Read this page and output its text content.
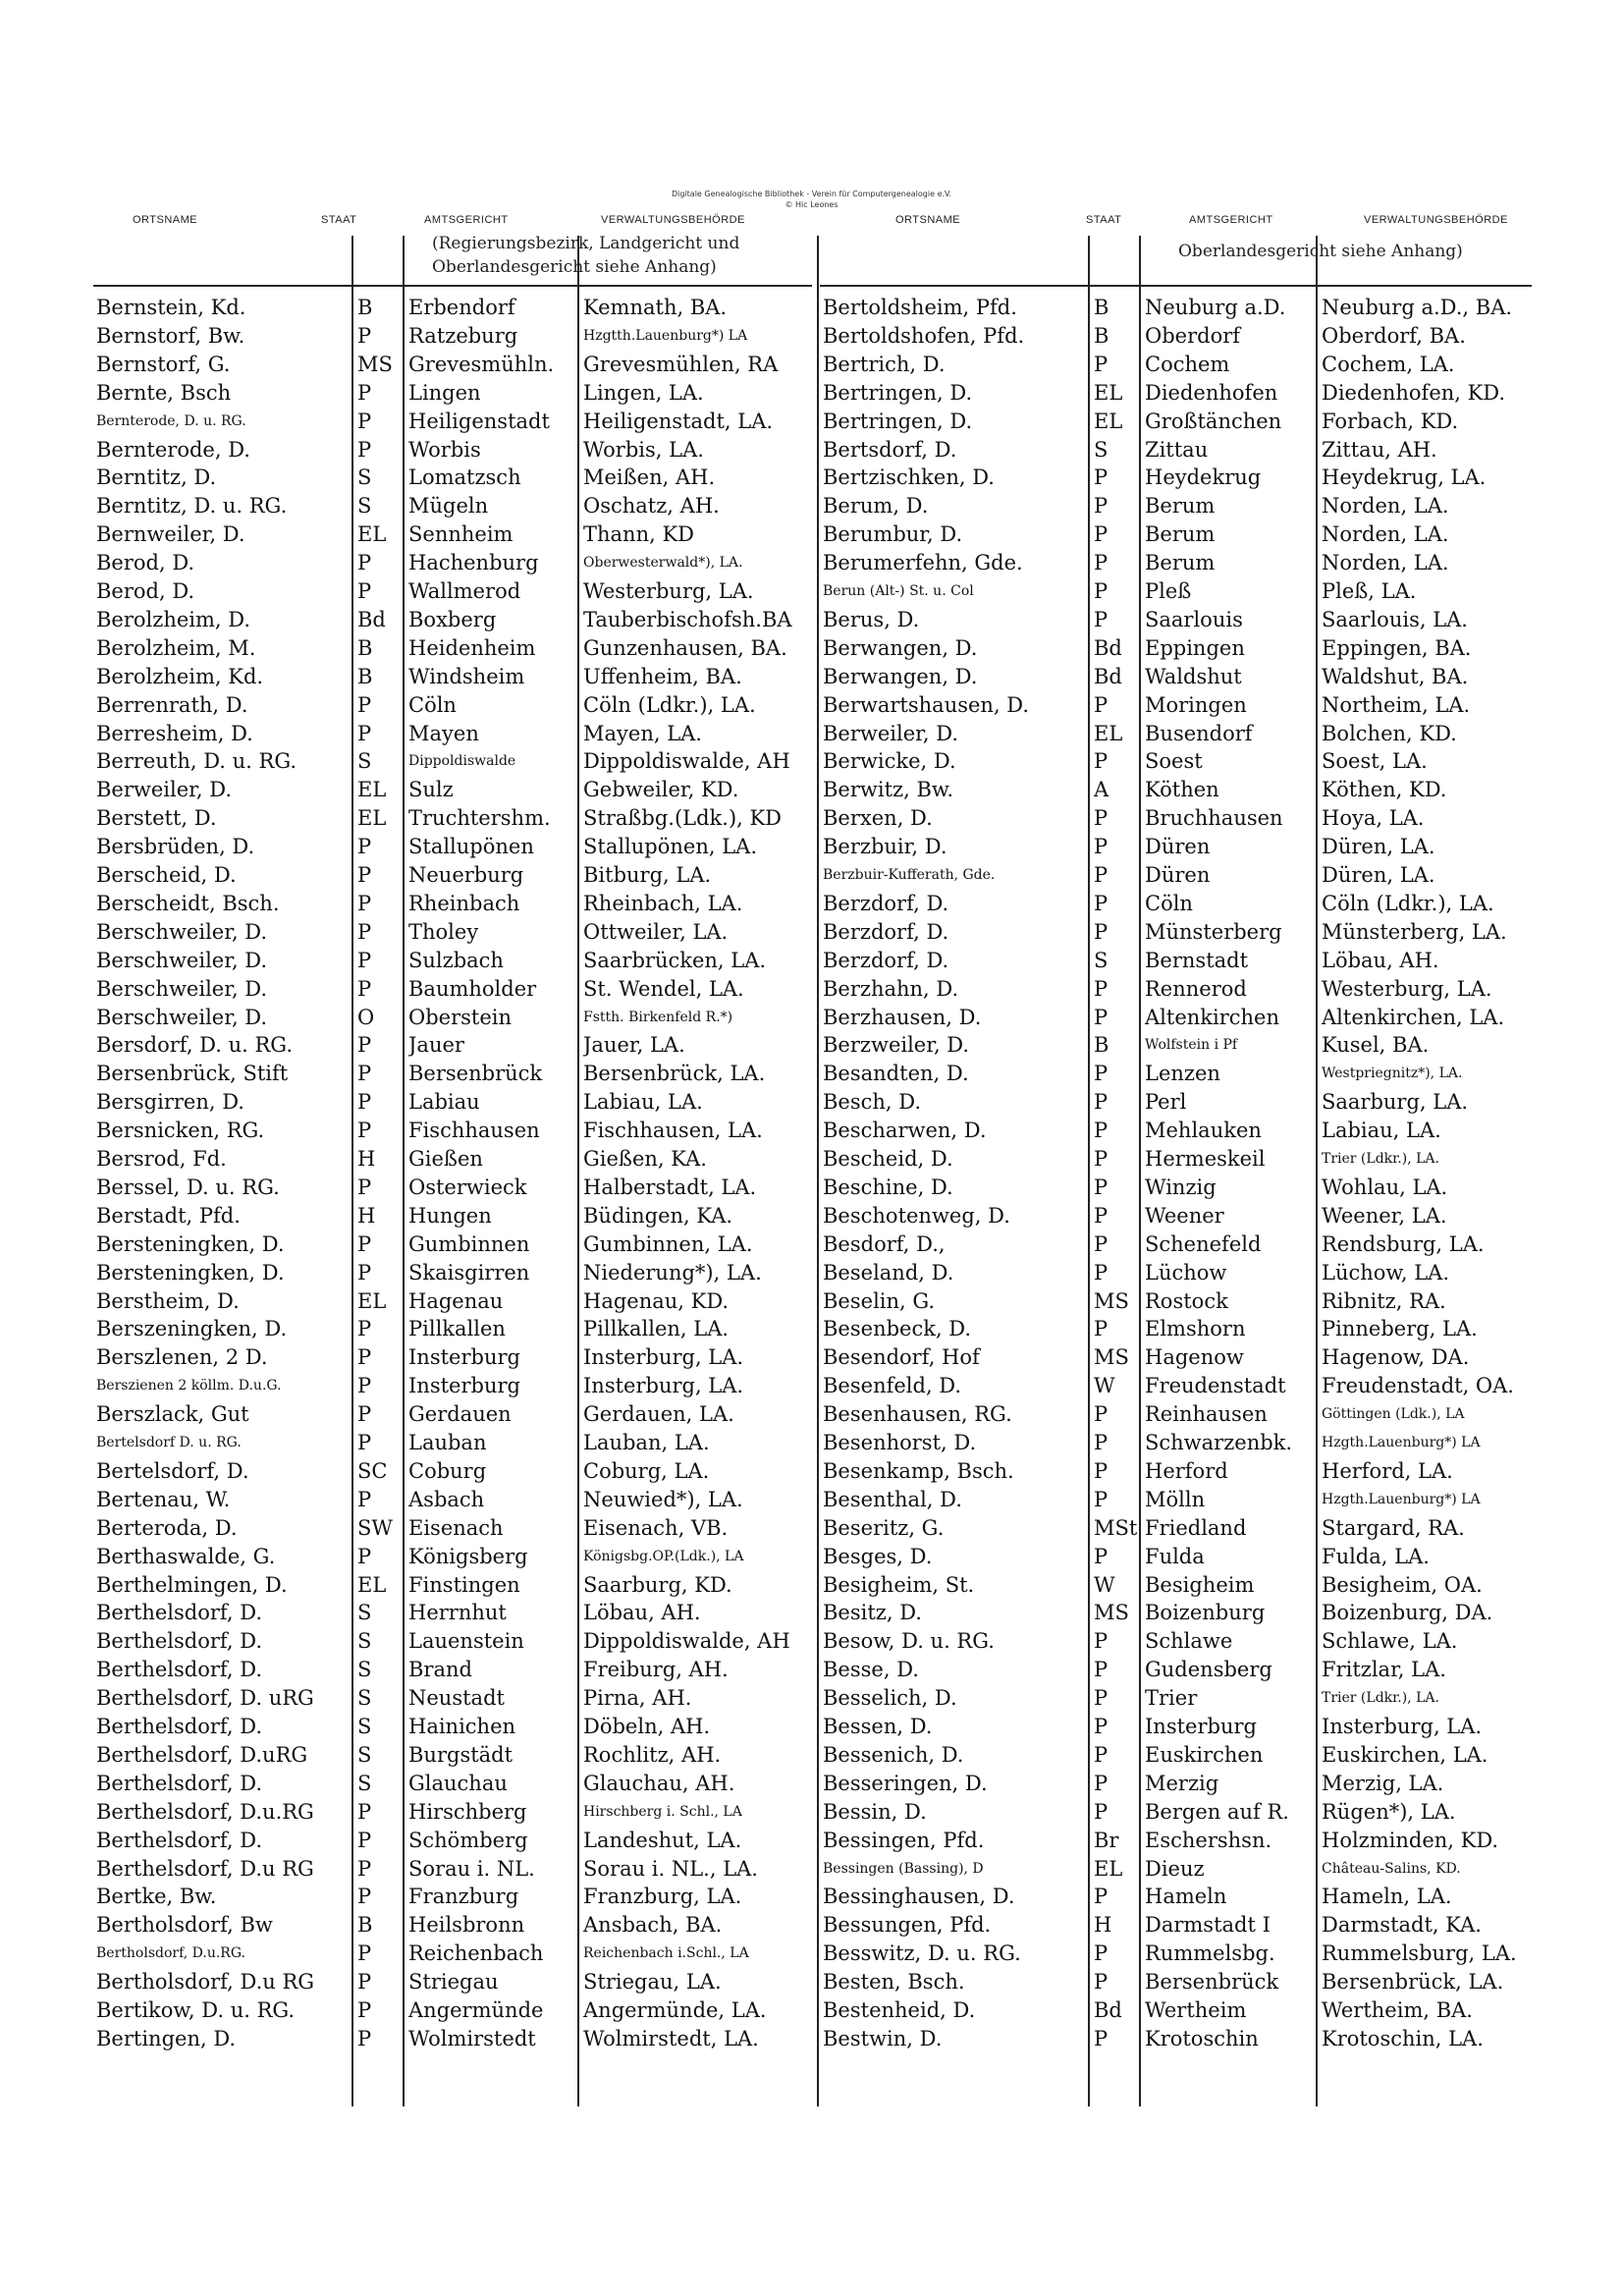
Digitale Genealogische Bibliothek - Verein für Computergenealogie e.V.
© Hic Leones
ORTSNAME	STAAT	AMTSGERICHT	VERWALTUNGSBEHÖRDE	ORTSNAME	STAAT	AMTSGERICHT	VERWALTUNGSBEHÖRDE
(Regierungsbezirk, Landgericht und
Oberlandesgericht siehe Anhang)
Oberlandesgericht siehe Anhang)
Bernstein, Kd.	B	Erbendorf	Kemnath, BA.
Bernstorf, Bw.	P	Ratzeburg	Hzgtth.Lauenburg*) LA
Bernstorf, G.	MS Grevesmühln.	Grevesmühlen, RA
Bernte, Bsch	P	Lingen	Lingen, LA.
Bernterode, D. u. RG.	P	Heiligenstadt	Heiligenstadt, LA.
Bernterode, D.	P	Worbis	Worbis, LA.
Berntitz, D.	S	Lomatzsch	Meißen, AH.
Berntitz, D. u. RG.	S	Mügeln	Oschatz, AH.
Bernweiler, D.	EL	Sennheim	Thann, KD
Berod, D.	P	Hachenburg	Oberwesterwald*), LA.
Berod, D.	P	Wallmerod	Westerburg, LA.
Berolzheim, D.	Bd	Boxberg	Tauberbischofsh.BA
Berolzheim, M.	B	Heidenheim	Gunzenhausen, BA.
Berolzheim, Kd.	B	Windsheim	Uffenheim, BA.
Berrenrath, D.	P	Cöln	Cöln (Ldkr.), LA.
Berresheim, D.	P	Mayen	Mayen, LA.
Berreuth, D. u. RG.	S	Dippoldiswalde	Dippoldiswalde, AH
Berweiler, D.	EL	Sulz	Gebweiler, KD.
Berstett, D.	EL	Truchtershm.	Straßbg.(Ldk.), KD
Bersbrüden, D.	P	Stallupönen	Stallupönen, LA.
Berscheid, D.	P	Neuerburg	Bitburg, LA.
Berscheidt, Bsch.	P	Rheinbach	Rheinbach, LA.
Berschweiler, D.	P	Tholey	Ottweiler, LA.
Berschweiler, D.	P	Sulzbach	Saarbrücken, LA.
Berschweiler, D.	P	Baumholder	St. Wendel, LA.
Berschweiler, D.	O	Oberstein	Fstth. Birkenfeld R.*)
Bersdorf, D. u. RG.	P	Jauer	Jauer, LA.
Bersenbrück, Stift	P	Bersenbrück	Bersenbrück, LA.
Bersgirren, D.	P	Labiau	Labiau, LA.
Bersnicken, RG.	P	Fischhausen	Fischhausen, LA.
Bersrod, Fd.	H	Gießen	Gießen, KA.
Berssel, D. u. RG.	P	Osterwieck	Halberstadt, LA.
Berstadt, Pfd.	H	Hungen	Büdingen, KA.
Bersteningken, D.	P	Gumbinnen	Gumbinnen, LA.
Bersteningken, D.	P	Skaisgirren	Niederung*), LA.
Berstheim, D.	EL	Hagenau	Hagenau, KD.
Berszeningken, D.	P	Pillkallen	Pillkallen, LA.
Berszlenen, 2 D.	P	Insterburg	Insterburg, LA.
Berszienen 2 köllm. D.u.G.	P	Insterburg	Insterburg, LA.
Berszlack, Gut	P	Gerdauen	Gerdauen, LA.
Bertelsdorf D. u. RG.	P	Lauban	Lauban, LA.
Bertelsdorf, D.	SC	Coburg	Coburg, LA.
Bertenau, W.	P	Asbach	Neuwied*), LA.
Berteroda, D.	SW Eisenach	Eisenach, VB.
Berthaswalde, G.	P	Königsberg	Königsbg.OP.(Ldk.), LA
Berthelmingen, D.	EL	Finstingen	Saarburg, KD.
Berthelsdorf, D.	S	Herrnhut	Löbau, AH.
Berthelsdorf, D.	S	Lauenstein	Dippoldiswalde, AH
Berthelsdorf, D.	S	Brand	Freiburg, AH.
Berthelsdorf, D. uRG	S	Neustadt	Pirna, AH.
Berthelsdorf, D.	S	Hainichen	Döbeln, AH.
Berthelsdorf, D.uRG	S	Burgstädt	Rochlitz, AH.
Berthelsdorf, D.	S	Glauchau	Glauchau, AH.
Berthelsdorf, D.u.RG	P	Hirschberg	Hirschberg i. Schl., LA
Berthelsdorf, D.	P	Schömberg	Landeshut, LA.
Berthelsdorf, D.u RG	P	Sorau i. NL.	Sorau i. NL., LA.
Bertke, Bw.	P	Franzburg	Franzburg, LA.
Bertholsdorf, Bw	B	Heilsbronn	Ansbach, BA.
Bertholsdorf, D.u.RG.	P	Reichenbach	Reichenbach i.Schl., LA
Bertholsdorf, D.u RG	P	Striegau	Striegau, LA.
Bertikow, D. u. RG.	P	Angermünde	Angermünde, LA.
Bertingen, D.	P	Wolmirstedt	Wolmirstedt, LA.
Bertoldsheim, Pfd.	B	Neuburg a.D.	Neuburg a.D., BA.
Bertoldshofen, Pfd.	B	Oberdorf	Oberdorf, BA.
Bertrich, D.	P	Cochem	Cochem, LA.
Bertringen, D.	EL	Diedenhofen	Diedenhofen, KD.
Bertringen, D.	EL	Großtänchen	Forbach, KD.
Bertsdorf, D.	S	Zittau	Zittau, AH.
Bertzischken, D.	P	Heydekrug	Heydekrug, LA.
Berum, D.	P	Berum	Norden, LA.
Berumbur, D.	P	Berum	Norden, LA.
Berumerfehn, Gde.	P	Berum	Norden, LA.
Berun (Alt-) St. u. Col	P	Pleß	Pleß, LA.
Berus, D.	P	Saarlouis	Saarlouis, LA.
Berwangen, D.	Bd	Eppingen	Eppingen, BA.
Berwangen, D.	Bd	Waldshut	Waldshut, BA.
Berwartshausen, D.	P	Moringen	Northeim, LA.
Berweiler, D.	EL	Busendorf	Bolchen, KD.
Berwicke, D.	P	Soest	Soest, LA.
Berwitz, Bw.	A	Köthen	Köthen, KD.
Berxen, D.	P	Bruchhausen	Hoya, LA.
Berzbuir, D.	P	Düren	Düren, LA.
Berzbuir-Kufferath, Gde.	P	Düren	Düren, LA.
Berzdorf, D.	P	Cöln	Cöln (Ldkr.), LA.
Berzdorf, D.	P	Münsterberg	Münsterberg, LA.
Berzdorf, D.	S	Bernstadt	Löbau, AH.
Berzhahn, D.	P	Rennerod	Westerburg, LA.
Berzhausen, D.	P	Altenkirchen	Altenkirchen, LA.
Berzweiler, D.	B	Wolfstein i Pf	Kusel, BA.
Besandten, D.	P	Lenzen	Westpriegnitz*), LA.
Besch, D.	P	Perl	Saarburg, LA.
Bescharwen, D.	P	Mehlauken	Labiau, LA.
Bescheid, D.	P	Hermeskeil	Trier (Ldkr.), LA.
Beschine, D.	P	Winzig	Wohlau, LA.
Beschotenweg, D.	P	Weener	Weener, LA.
Besdorf, D.,	P	Schenefeld	Rendsburg, LA.
Beseland, D.	P	Lüchow	Lüchow, LA.
Beselin, G.	MS Rostock	Ribnitz, RA.
Besenbeck, D.	P	Elmshorn	Pinneberg, LA.
Besendorf, Hof	MS Hagenow	Hagenow, DA.
Besenfeld, D.	W	Freudenstadt	Freudenstadt, OA.
Besenhausen, RG.	P	Reinhausen	Göttingen (Ldk.), LA
Besenhorst, D.	P	Schwarzenbk.	Hzgth.Lauenburg*) LA
Besenkamp, Bsch.	P	Herford	Herford, LA.
Besenthal, D.	P	Mölln	Hzgth.Lauenburg*) LA
Beseritz, G.	MSt Friedland	Stargard, RA.
Besges, D.	P	Fulda	Fulda, LA.
Besigheim, St.	W	Besigheim	Besigheim, OA.
Besitz, D.	MS Boizenburg	Boizenburg, DA.
Besow, D. u. RG.	P	Schlawe	Schlawe, LA.
Besse, D.	P	Gudensberg	Fritzlar, LA.
Besselich, D.	P	Trier	Trier (Ldkr.), LA.
Bessen, D.	P	Insterburg	Insterburg, LA.
Bessenich, D.	P	Euskirchen	Euskirchen, LA.
Besseringen, D.	P	Merzig	Merzig, LA.
Bessin, D.	P	Bergen auf R.	Rügen*), LA.
Bessingen, Pfd.	Br	Eschershsn.	Holzminden, KD.
Bessingen (Bassing), D	EL	Dieuz	Château-Salins, KD.
Bessinghausen, D.	P	Hameln	Hameln, LA.
Bessungen, Pfd.	H	Darmstadt I	Darmstadt, KA.
Besswitz, D. u. RG.	P	Rummelsbg.	Rummelsburg, LA.
Besten, Bsch.	P	Bersenbrück	Bersenbrück, LA.
Bestenheid, D.	Bd	Wertheim	Wertheim, BA.
Bestwin, D.	P	Krotoschin	Krotoschin, LA.
